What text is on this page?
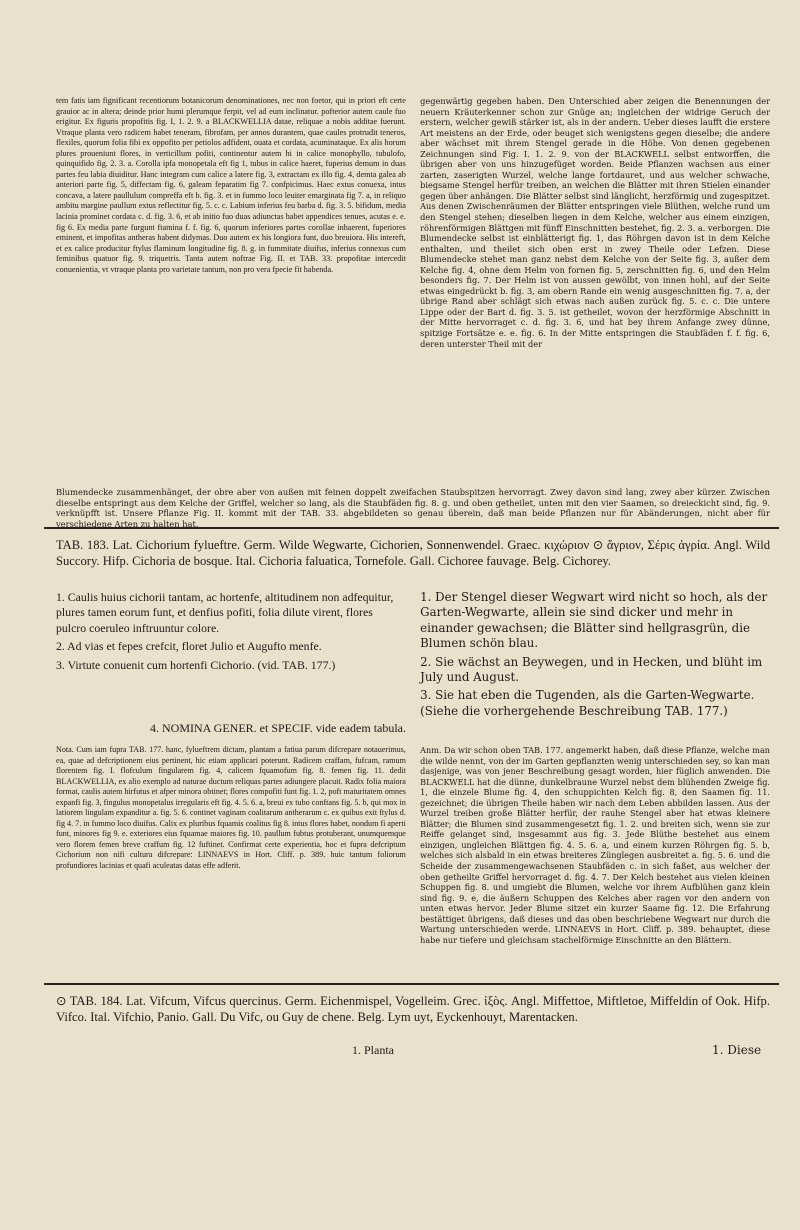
tem fatis iam fignificant recentiorum botanicorum denominationes, nec non foetor, qui in priori eft certe grauior ac in altera; deinde prior humi plerumque ferpit, vel ad eum inclinatur. pofterior autem caule fuo erigitur. Ex figuris propofitis fig. I, 1. 2. 9. a BLACKWELLIA datae, reliquae a nobis additae fuerunt. Vtraque planta vero radicem habet teneram, fibrofam, per annos durantem, quae caules protrudit teneros, flexiles, quorum folia fibi ex oppofito per petiolos adfident, ouata et cordata, acuminataque. Ex alis horum plures proueniunt flores, in verticillum pofiti, continentur autem hi in calice monophyllo, tubulofo, quinquifido fig. 2. 3. a. Corolla ipfa monopetala eft fig 1, tubus in calice haeret, fuperius demum in duas partes feu labia diuiditur. Hanc integram cum calice a latere fig. 3, extractam ex illo fig. 4, demta galea ab anteriori parte fig. 5, diffectam fig. 6, galeam feparatim fig 7. confpicimus. Haec extus conuexa, intus concava, a latere paullulum compreffa eft b. fig. 3. et in fummo loco leuiter emarginata fig 7. a, in reliquo ambitu margine paullum extus reflectitur fig. 5. c. c. Labium inferius feu barba d. fig. 3. 5. bifidum, media lacinia prominet cordata c. d. fig. 3. 6, et ab initio fuo duas adiunctas habet appendices tenues, acutas e. e. fig 6. Ex media parte furgunt ftamina f. f. fig. 6, quorum inferiores partes corollae inhaerent, fuperiores eminent, et impofitas antheras habent didymas. Duo autem ex his longiora funt, duo breuiora. His intereft, et ex calice producitur ftylus flaminum longitudine fig. 8. g. in fummitate diuifus, inferius connexus cum feminibus quatuor fig. 9. triquetris. Tanta autem noftrae Fig. II. et TAB. 33. propofitae intercedit conuenientia, vt vtraque planta pro varietate tantum, non pro vera fpecie fit habenda.
gegenwärtig gegeben haben. Den Unterschied aber zeigen die Benennungen der neuern Kräuterkenner schon zur Gnüge an; ingleichen der widrige Geruch der erstern, welcher gewiß stärker ist, als in der andern. Ueber dieses laufft die erstere Art meistens an der Erde, oder beuget sich wenigstens gegen dieselbe; die andere aber wächset mit ihrem Stengel gerade in die Höhe. Von denen gegebenen Zeichnungen sind Fig. I. 1. 2. 9. von der BLACKWELL selbst entworffen, die übrigen aber von uns hinzugefüget worden. Beide Pflanzen wachsen aus einer zarten, zaserigten Wurzel, welche lange fortdauret, und aus welcher schwache, biegsame Stengel herfür treiben, an welchen die Blätter mit ihren Stielen einander gegen über anhängen. Die Blätter selbst sind länglicht, herzförmig und zugespitzet. Aus denen Zwischenräumen der Blätter entspringen viele Blüthen, welche rund um den Stengel stehen; dieselben liegen in dem Kelche, welcher aus einem einzigen, röhrenförmigen Blättgen mit fünff Einschnitten bestehet, fig. 2. 3. a. verborgen. Die Blumendecke selbst ist einblätterigt fig. 1, das Röhrgen davon ist in dem Kelche enthalten, und theilet sich oben erst in zwey Theile oder Lefzen. Diese Blumendecke stehet man ganz nebst dem Kelche von der Seite fig. 3, außer dem Kelche fig. 4, ohne dem Helm von fornen fig. 5, zerschnitten fig. 6, und den Helm besonders fig. 7. Der Helm ist von aussen gewölbt, von innen hohl, auf der Seite etwas eingedrückt b. fig. 3, am obern Rande ein wenig ausgeschnitten fig. 7. a, der übrige Rand aber schlägt sich etwas nach außen zurück fig. 5. c. c. Die untere Lippe oder der Bart d. fig. 3. 5. ist getheilet, wovon der herzförmige Abschnitt in der Mitte hervorraget c. d. fig. 3. 6, und hat bey ihrem Anfange zwey dünne, spitzige Fortsätze e. e. fig. 6. In der Mitte entspringen die Staubfäden f. f. fig. 6, deren unterster Theil mit der
Blumendecke zusammenhänget, der obre aber von außen mit feinen doppelt zweifachen Staubspitzen hervorragt. Zwey davon sind lang, zwey aber kürzer. Zwischen dieselbe entspringt aus dem Kelche der Griffel, welcher so lang, als die Staubfäden fig. 8. g. und oben getheilet, unten mit den vier Saamen, so dreieckicht sind, fig. 9. verknüpfft ist. Unsere Pflanze Fig. II. kommt mit der TAB. 33. abgebildeten so genau überein, daß man beide Pflanzen nur für Abänderungen, nicht aber für verschiedene Arten zu halten hat.
TAB. 183. Lat. Cichorium fylueftre. Germ. Wilde Wegwarte, Cichorien, Sonnenwendel. Graec. κιχώριον ⊙ ἄγριον, Σέρις ἀγρία. Angl. Wild Succory. Hifp. Cichoria de bosque. Ital. Cichoria faluatica, Tornefole. Gall. Cichoree fauvage. Belg. Cichorey.

1. Caulis huius cichorii tantam, ac hortenfe, altitudinem non adfequitur, plures tamen eorum funt, et denfius pofiti, folia dilute virent, flores pulcro coeruleo inftruuntur colore.

2. Ad vias et fepes crefcit, floret Julio et Augufto menfe.

3. Virtute conuenit cum hortenfi Cichorio. (vid. TAB. 177.)

1. Der Stengel dieser Wegwart wird nicht so hoch, als der Garten-Wegwarte, allein sie sind dicker und mehr in einander gewachsen; die Blätter sind hellgrasgrün, die Blumen schön blau.

2. Sie wächst an Beywegen, und in Hecken, und blüht im July und August.

3. Sie hat eben die Tugenden, als die Garten-Wegwarte. (Siehe die vorhergehende Beschreibung TAB. 177.)

4. NOMINA GENER. et SPECIF. vide eadem tabula.
Nota. Cum iam fupra TAB. 177. hanc, fylueftrem dictam, plantam a fatiua parum difcrepare notauerimus, ea, quae ad defcriptionem eius pertinent, hic etiam applicari poterunt. Radicem craffam, fufcam, ramum florentem fig. I. flofculum fingularem fig. 4, calicem fquamofum fig. 8. femen fig. 11. dedit BLACKWELLIA, ex alio exemplo ad naturae ductum reliquas partes adiungere placuit. Radix folia maiora format, caulis autem hirfutus et afper minora obtinet; flores compofiti funt fig. 1. 2, poft maturitatem omnes expanfi fig. 3, fingulus monopetalus irregularis eft fig. 4. 5. 6. a, breui ex tubo conftans fig. 5. b, qui mox in latiorem lingulam expanditur a. fig. 5. 6. continet vaginam coalitarum antherarum c. ex quibus exit ftylus d. fig 4. 7. in fummo loco diuifus. Calix ex pluribus fquamis coalitus fig 8. intus flores habet, nondum fi aperti funt, minores fig 9. e. exteriores eius fquamae maiores fig. 10. paullum fubtus protuberant, unumquemque vero florem femen breve craffum fig. 12 fuftinet. Confirmat certe experientia, hoc et fupra defcriptum Cichorium non nifi cultura difcrepare: LINNAEVS in Hort. Cliff. p. 389. huic tantum foliorum profundiores lacinias et quafi aculeatas datas effe adferit.
Anm. Da wir schon oben TAB. 177. angemerkt haben, daß diese Pflanze, welche man die wilde nennt, von der im Garten gepflanzten wenig unterschieden sey, so kan man dasjenige, was von jener Beschreibung gesagt worden, hier füglich anwenden. Die BLACKWELL hat die dünne, dunkelbraune Wurzel nebst dem blühenden Zweige fig. 1, die einzele Blume fig. 4, den schuppichten Kelch fig. 8, den Saamen fig. 11. gezeichnet; die übrigen Theile haben wir nach dem Leben abbilden lassen. Aus der Wurzel treiben große Blätter herfür, der rauhe Stengel aber hat etwas kleinere Blätter; die Blumen sind zusammengesetzt fig. 1. 2. und breiten sich, wenn sie zur Reiffe gelanget sind, insgesammt aus fig. 3. Jede Blüthe bestehet aus einem einzigen, ungleichen Blättgen fig. 4. 5. 6. a, und einem kurzen Röhrgen fig. 5. b, welches sich alsbald in ein etwas breiteres Zünglegen ausbreitet a. fig. 5. 6. und die Scheide der zusammengewachsenen Staubfäden c. in sich faßet, aus welcher der oben getheilte Griffel hervorraget d. fig. 4. 7. Der Kelch bestehet aus vielen kleinen Schuppen fig. 8. und umgiebt die Blumen, welche vor ihrem Aufblühen ganz klein sind fig. 9. e, die äußern Schuppen des Kelches aber ragen vor den andern von unten etwas hervor. Jeder Blume sitzet ein kurzer Saame fig. 12. Die Erfahrung bestättiget übrigens, daß dieses und das oben beschriebene Wegwart nur durch die Wartung unterschieden werde. LINNAEVS in Hort. Cliff. p. 389. behauptet, diese habe nur tiefere und gleichsam stachelförmige Einschnitte an den Blättern.
⊙ TAB. 184. Lat. Vifcum, Vifcus quercinus. Germ. Eichenmispel, Vogelleim. Grec. ἰξὸς. Angl. Miffettoe, Miftletoe, Miffeldin of Ook. Hifp. Vifco. Ital. Vifchio, Panio. Gall. Du Vifc, ou Guy de chene. Belg. Lym uyt, Eyckenhouyt, Marentacken.
1. Planta	1. Diese
